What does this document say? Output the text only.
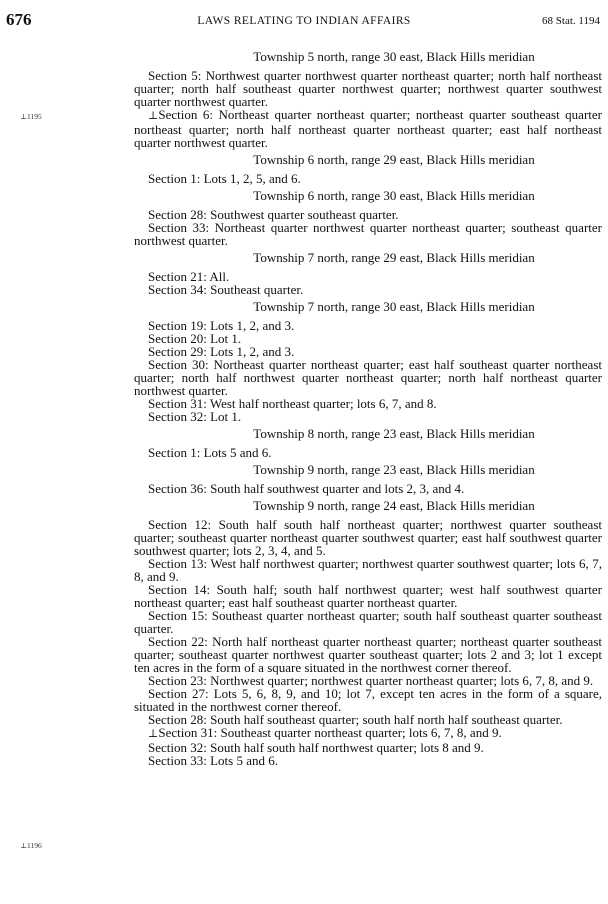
676	LAWS RELATING TO INDIAN AFFAIRS	68 Stat. 1194
⊥1195
⊥1196

Township 5 north, range 30 east, Black Hills meridian

Section 5: Northwest quarter northwest quarter northeast quarter; north half northeast quarter; north half southeast quarter northwest quarter; northwest quarter southwest quarter northwest quarter.

⊥Section 6: Northeast quarter northeast quarter; northeast quarter southeast quarter northeast quarter; north half northeast quarter northeast quarter; east half northeast quarter northwest quarter.

Township 6 north, range 29 east, Black Hills meridian

Section 1: Lots 1, 2, 5, and 6.

Township 6 north, range 30 east, Black Hills meridian

Section 28: Southwest quarter southeast quarter.

Section 33: Northeast quarter northwest quarter northeast quarter; southeast quarter northwest quarter.

Township 7 north, range 29 east, Black Hills meridian

Section 21: All.

Section 34: Southeast quarter.

Township 7 north, range 30 east, Black Hills meridian

Section 19: Lots 1, 2, and 3.

Section 20: Lot 1.

Section 29: Lots 1, 2, and 3.

Section 30: Northeast quarter northeast quarter; east half southeast quarter northeast quarter; north half northwest quarter northeast quarter; north half northeast quarter northwest quarter.

Section 31: West half northeast quarter; lots 6, 7, and 8.

Section 32: Lot 1.

Township 8 north, range 23 east, Black Hills meridian

Section 1: Lots 5 and 6.

Township 9 north, range 23 east, Black Hills meridian

Section 36: South half southwest quarter and lots 2, 3, and 4.

Township 9 north, range 24 east, Black Hills meridian

Section 12: South half south half northeast quarter; northwest quarter southeast quarter; southeast quarter northeast quarter southwest quarter; east half southwest quarter southwest quarter; lots 2, 3, 4, and 5.

Section 13: West half northwest quarter; northwest quarter southwest quarter; lots 6, 7, 8, and 9.

Section 14: South half; south half northwest quarter; west half southwest quarter northeast quarter; east half southeast quarter northeast quarter.

Section 15: Southeast quarter northeast quarter; south half southeast quarter southeast quarter.

Section 22: North half northeast quarter northeast quarter; northeast quarter southeast quarter; southeast quarter northwest quarter southeast quarter; lots 2 and 3; lot 1 except ten acres in the form of a square situated in the northwest corner thereof.

Section 23: Northwest quarter; northwest quarter northeast quarter; lots 6, 7, 8, and 9.

Section 27: Lots 5, 6, 8, 9, and 10; lot 7, except ten acres in the form of a square, situated in the northwest corner thereof.

Section 28: South half southeast quarter; south half north half southeast quarter.

⊥Section 31: Southeast quarter northeast quarter; lots 6, 7, 8, and 9.

Section 32: South half south half northwest quarter; lots 8 and 9.

Section 33: Lots 5 and 6.
